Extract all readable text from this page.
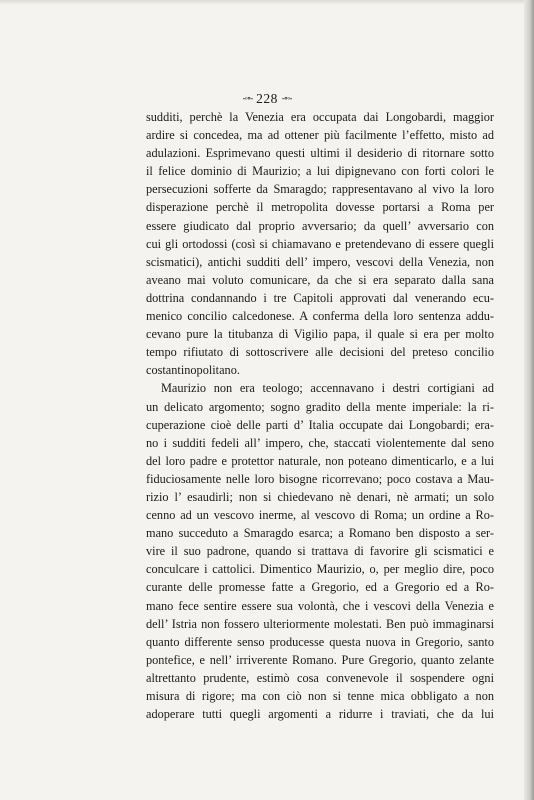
-◦∘- 228 -∘◦-

sudditi, perchè la Venezia era occupata dai Longobardi, maggior
ardire si concedea, ma ad ottener più facilmente l’effetto, misto ad
adulazioni. Esprimevano questi ultimi il desiderio di ritornare sotto
il felice dominio di Maurizio; a lui dipignevano con forti colori le
persecuzioni sofferte da Smaragdo; rappresentavano al vivo la loro
disperazione perchè il metropolita dovesse portarsi a Roma per
essere giudicato dal proprio avversario; da quell’ avversario con
cui gli ortodossi (così si chiamavano e pretendevano di essere quegli
scismatici), antichi sudditi dell’ impero, vescovi della Venezia, non
aveano mai voluto comunicare, da che si era separato dalla sana
dottrina condannando i tre Capitoli approvati dal venerando ecu-
menico concilio calcedonese. A conferma della loro sentenza addu-
cevano pure la titubanza di Vigilio papa, il quale si era per molto
tempo rifiutato di sottoscrivere alle decisioni del preteso concilio
costantinopolitano.

Maurizio non era teologo; accennavano i destri cortigiani ad
un delicato argomento; sogno gradito della mente imperiale: la ri-
cuperazione cioè delle parti d’ Italia occupate dai Longobardi; era-
no i sudditi fedeli all’ impero, che, staccati violentemente dal seno
del loro padre e protettor naturale, non poteano dimenticarlo, e a lui
fiduciosamente nelle loro bisogne ricorrevano; poco costava a Mau-
rizio l’ esaudirli; non si chiedevano nè denari, nè armati; un solo
cenno ad un vescovo inerme, al vescovo di Roma; un ordine a Ro-
mano succeduto a Smaragdo esarca; a Romano ben disposto a ser-
vire il suo padrone, quando si trattava di favorire gli scismatici e
conculcare i cattolici. Dimentico Maurizio, o, per meglio dire, poco
curante delle promesse fatte a Gregorio, ed a Gregorio ed a Ro-
mano fece sentire essere sua volontà, che i vescovi della Venezia e
dell’ Istria non fossero ulteriormente molestati. Ben può immaginarsi
quanto differente senso producesse questa nuova in Gregorio, santo
pontefice, e nell’ irriverente Romano. Pure Gregorio, quanto zelante
altrettanto prudente, estimò cosa convenevole il sospendere ogni
misura di rigore; ma con ciò non si tenne mica obbligato a non
adoperare tutti quegli argomenti a ridurre i traviati, che da lui
